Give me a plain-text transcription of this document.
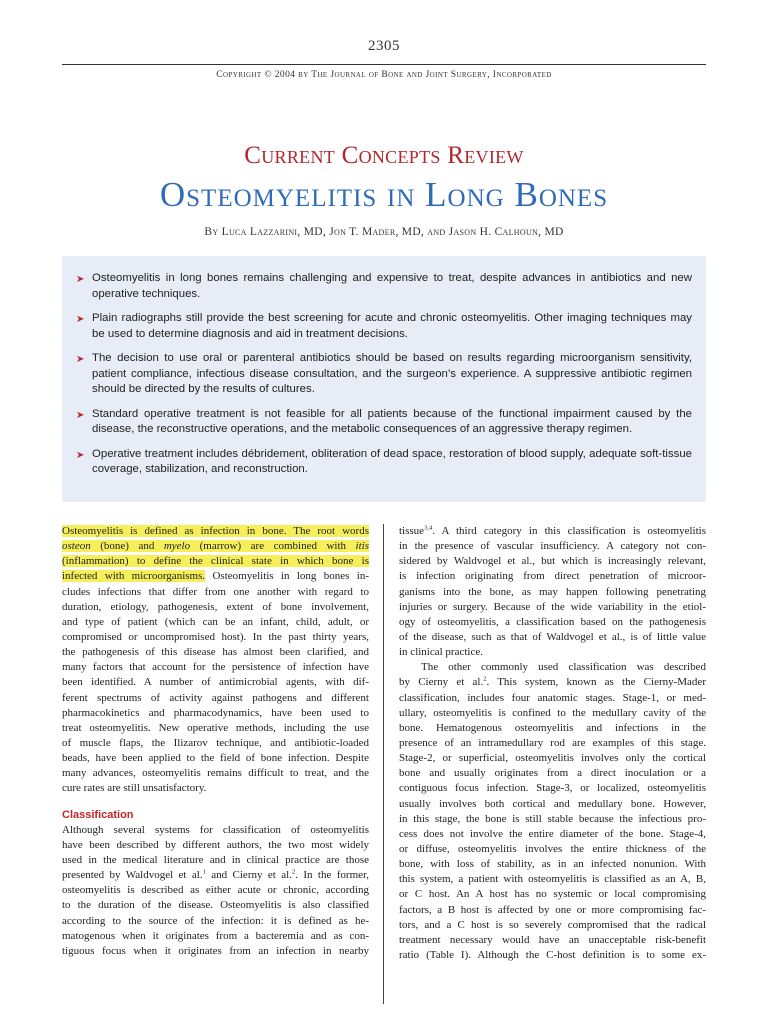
2305
Copyright © 2004 by The Journal of Bone and Joint Surgery, Incorporated
Current Concepts Review
Osteomyelitis in Long Bones
By Luca Lazzarini, MD, Jon T. Mader, MD, and Jason H. Calhoun, MD
➤ Osteomyelitis in long bones remains challenging and expensive to treat, despite advances in antibiotics and new operative techniques.
➤ Plain radiographs still provide the best screening for acute and chronic osteomyelitis. Other imaging techniques may be used to determine diagnosis and aid in treatment decisions.
➤ The decision to use oral or parenteral antibiotics should be based on results regarding microorganism sensitivity, patient compliance, infectious disease consultation, and the surgeon’s experience. A suppressive antibiotic regimen should be directed by the results of cultures.
➤ Standard operative treatment is not feasible for all patients because of the functional impairment caused by the disease, the reconstructive operations, and the metabolic consequences of an aggressive therapy regimen.
➤ Operative treatment includes débridement, obliteration of dead space, restoration of blood supply, adequate soft-tissue coverage, stabilization, and reconstruction.
Osteomyelitis is defined as infection in bone. The root words
osteon (bone) and myelo (marrow) are combined with itis
(inflammation) to define the clinical state in which bone is
infected with microorganisms. Osteomyelitis in long bones in-
cludes infections that differ from one another with regard to
duration, etiology, pathogenesis, extent of bone involvement,
and type of patient (which can be an infant, child, adult, or
compromised or uncompromised host). In the past thirty years,
the pathogenesis of this disease has almost been clarified, and
many factors that account for the persistence of infection have
been identified. A number of antimicrobial agents, with dif-
ferent spectrums of activity against pathogens and different
pharmacokinetics and pharmacodynamics, have been used to
treat osteomyelitis. New operative methods, including the use
of muscle flaps, the Ilizarov technique, and antibiotic-loaded
beads, have been applied to the field of bone infection. Despite
many advances, osteomyelitis remains difficult to treat, and the
cure rates are still unsatisfactory.
Classification
Although several systems for classification of osteomyelitis
have been described by different authors, the two most widely
used in the medical literature and in clinical practice are those
presented by Waldvogel et al.$^1$ and Cierny et al.$^2$. In the former,
osteomyelitis is described as either acute or chronic, according
to the duration of the disease. Osteomyelitis is also classified
according to the source of the infection: it is defined as he-
matogenous when it originates from a bacteremia and as con-
tiguous focus when it originates from an infection in nearby
tissue$^{3,4}$. A third category in this classification is osteomyelitis
in the presence of vascular insufficiency. A category not con-
sidered by Waldvogel et al., but which is increasingly relevant,
is infection originating from direct penetration of microor-
ganisms into the bone, as may happen following penetrating
injuries or surgery. Because of the wide variability in the etiol-
ogy of osteomyelitis, a classification based on the pathogenesis
of the disease, such as that of Waldvogel et al., is of little value
in clinical practice.
The other commonly used classification was described
by Cierny et al.$^2$. This system, known as the Cierny-Mader
classification, includes four anatomic stages. Stage-1, or med-
ullary, osteomyelitis is confined to the medullary cavity of the
bone. Hematogenous osteomyelitis and infections in the
presence of an intramedullary rod are examples of this stage.
Stage-2, or superficial, osteomyelitis involves only the cortical
bone and usually originates from a direct inoculation or a
contiguous focus infection. Stage-3, or localized, osteomyelitis
usually involves both cortical and medullary bone. However,
in this stage, the bone is still stable because the infectious pro-
cess does not involve the entire diameter of the bone. Stage-4,
or diffuse, osteomyelitis involves the entire thickness of the
bone, with loss of stability, as in an infected nonunion. With
this system, a patient with osteomyelitis is classified as an A, B,
or C host. An A host has no systemic or local compromising
factors, a B host is affected by one or more compromising fac-
tors, and a C host is so severely compromised that the radical
treatment necessary would have an unacceptable risk-benefit
ratio (Table I). Although the C-host definition is to some ex-
